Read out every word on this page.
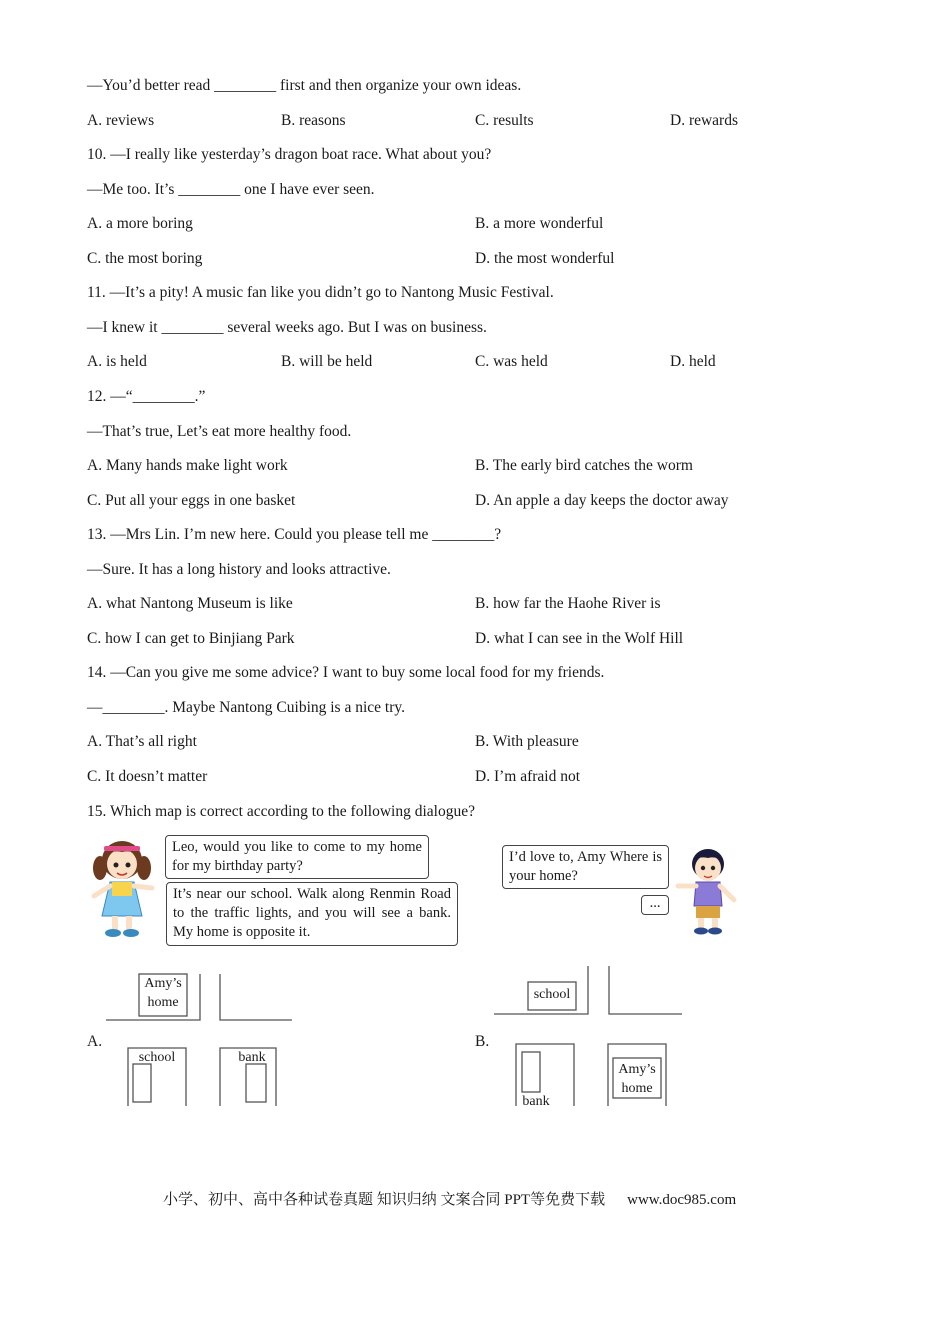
—You’d better read ________ first and then organize your own ideas.
A. reviews	B. reasons	C. results	D. rewards
10. —I really like yesterday’s dragon boat race. What about you?
—Me too. It’s ________ one I have ever seen.
A. a more boring	B. a more wonderful
C. the most boring	D. the most wonderful
11. —It’s a pity! A music fan like you didn’t go to Nantong Music Festival.
—I knew it ________ several weeks ago. But I was on business.
A. is held	B. will be held	C. was held	D. held
12. —“________.”
—That’s true, Let’s eat more healthy food.
A. Many hands make light work	B. The early bird catches the worm
C. Put all your eggs in one basket	D. An apple a day keeps the doctor away
13. —Mrs Lin. I’m new here. Could you please tell me ________?
—Sure. It has a long history and looks attractive.
A. what Nantong Museum is like	B. how far the Haohe River is
C. how I can get to Binjiang Park	D. what I can see in the Wolf Hill
14. —Can you give me some advice? I want to buy some local food for my friends.
—________. Maybe Nantong Cuibing is a nice try.
A. That’s all right	B. With pleasure
C. It doesn’t matter	D. I’m afraid not
15. Which map is correct according to the following dialogue?
Leo, would you like to come to my home for my birthday party?
It’s near our school. Walk along Renmin Road to the traffic lights, and you will see a bank. My home is opposite it.
I’d love to, Amy Where is your home?
...
A.
Amy’s
home
school	bank
B.
school
bank
Amy’s
home
小学、初中、高中各种试卷真题 知识归纳 文案合同 PPT等免费下载 www.doc985.com
